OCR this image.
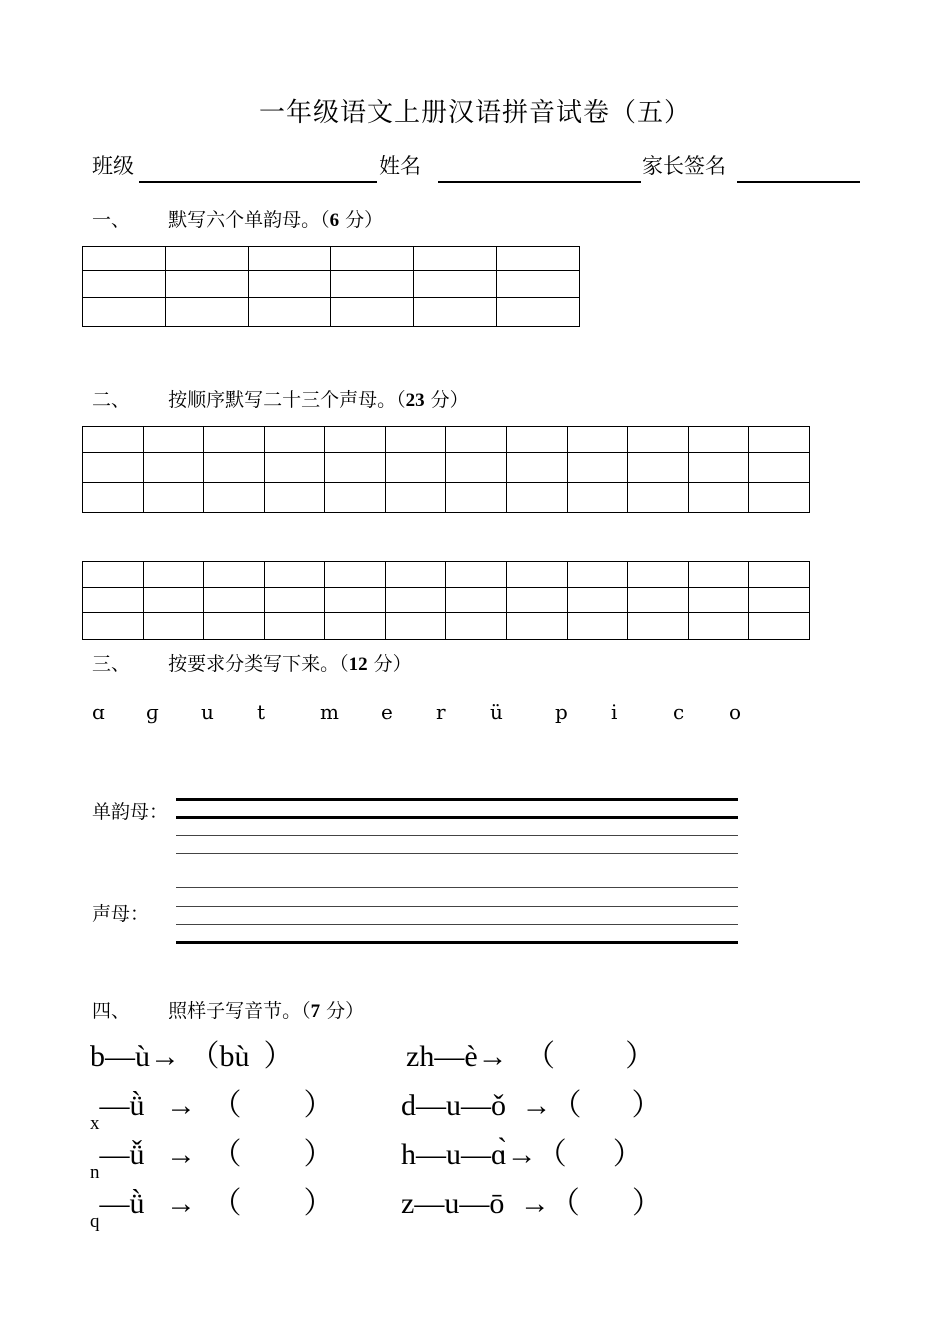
一年级语文上册汉语拼音试卷（五）
班级	姓名	家长签名
一、 默写六个单韵母。（6 分）

二、 按顺序默写二十三个声母。（23 分）

三、 按要求分类写下来。（12 分）
ɑ ɡ u t	m e r ü	p i	c o
单韵母：
声母：
四、 照样子写音节。（7 分）
b—ù→ （bù ）	zh—è→ （ ）
$_x$—ǜ → （ ） d—u—ǒ →（ ）
$_n$—ǚ → （ ） h—u—ɑ̀→（ ）
$_q$—ǜ → （ ） z—u—ō →（ ）
